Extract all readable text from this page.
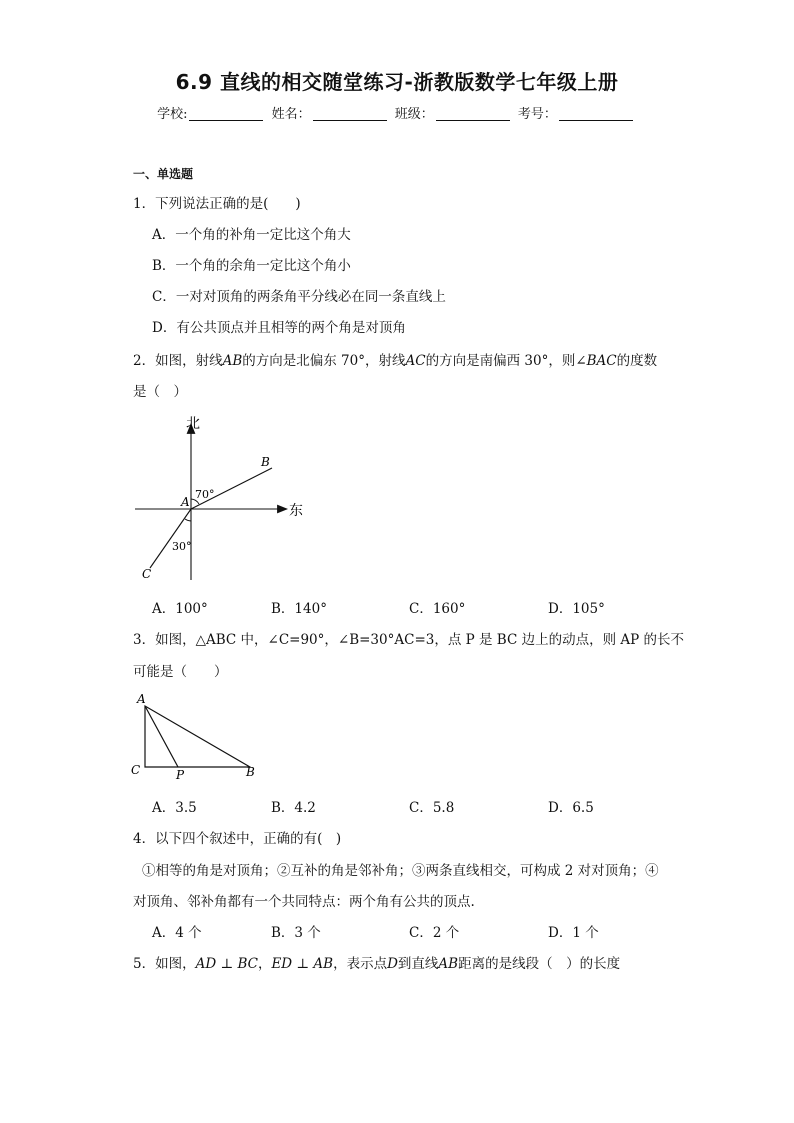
6.9 直线的相交随堂练习-浙教版数学七年级上册
学校:	姓名：	班级：	考号：
一、单选题
1．下列说法正确的是(　　)
A．一个角的补角一定比这个角大
B．一个角的余角一定比这个角小
C．一对对顶角的两条角平分线必在同一条直线上
D．有公共顶点并且相等的两个角是对顶角
2．如图，射线AB的方向是北偏东 70°，射线AC的方向是南偏西 30°，则∠BAC的度数
是（　）
北
东
A
B
C
70°
30°
A．100°	B．140°	C．160°	D．105°
3．如图，△ABC 中，∠C=90°，∠B=30°AC=3，点 P 是 BC 边上的动点，则 AP 的长不
可能是（　　）
A
C	P	B
A．3.5	B．4.2	C．5.8	D．6.5
4．以下四个叙述中，正确的有(　)
①相等的角是对顶角；②互补的角是邻补角；③两条直线相交，可构成 2 对对顶角；④
对顶角、邻补角都有一个共同特点：两个角有公共的顶点.
A．4 个	B．3 个	C．2 个	D．1 个
5．如图，AD ⊥ BC，ED ⊥ AB，表示点D到直线AB距离的是线段（　）的长度
